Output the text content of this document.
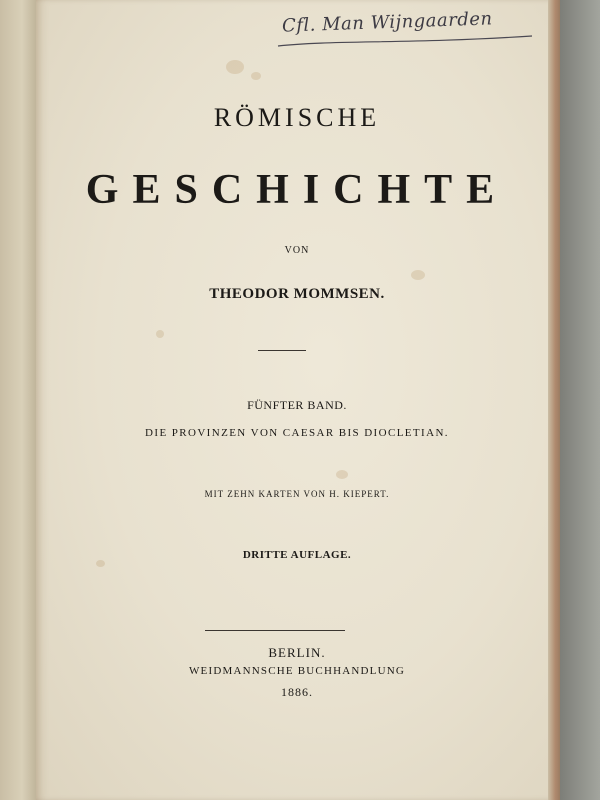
Cfl. Man Wijngaarden
RÖMISCHE
GESCHICHTE
VON
THEODOR MOMMSEN.
FÜNFTER BAND.
DIE PROVINZEN VON CAESAR BIS DIOCLETIAN.
MIT ZEHN KARTEN VON H. KIEPERT.
DRITTE AUFLAGE.
BERLIN.
WEIDMANNSCHE BUCHHANDLUNG
1886.
